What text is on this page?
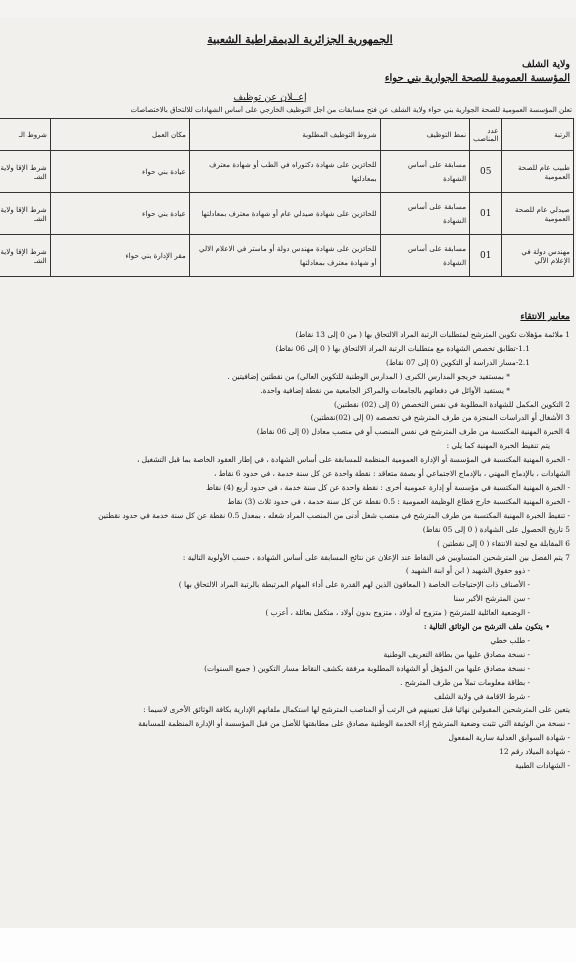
الجمهورية الجزائرية الديمقراطية الشعبية
ولاية الشلف
المؤسسة العمومية للصحة الجوارية بني حواء
إعــلان عن توظيف
تعلن المؤسسة العمومية للصحة الجوارية بني حواء ولاية الشلف عن فتح مسابقات من أجل التوظيف الخارجي على أساس الشهادات للالتحاق بالاختصاصات
الرتبة	عدد المناصب	نمط التوظيف	شروط التوظيف المطلوبة	مكان العمل	شروط الـ
طبيب عام للصحة العمومية	05	مسابقة على أساس الشهادة	للحائزين على شهادة دكتوراه في الطب أو شهادة معترف بمعادلتها	عيادة بني حواء	شرط الإقا ولاية الشـ
صيدلي عام للصحة العمومية	01	مسابقة على أساس الشهادة	للحائزين على شهادة صيدلي عام أو شهادة معترف بمعادلتها	عيادة بني حواء	شرط الإقا ولاية الشـ
مهندس دولة في الإعلام الآلي	01	مسابقة على أساس الشهادة	للحائزين على شهادة مهندس دولة أو ماستر في الاعلام الالي أو شهادة معترف بمعادلتها	مقر الإدارة بني حواء	شرط الإقا ولاية الشـ
معايير الانتقاء
1 ملائمة مؤهلات تكوين المترشح لمتطلبات الرتبة المراد الالتحاق بها ( من 0 إلى 13 نقاط)
1.1-تطابق تخصص الشهادة مع متطلبات الرتبة المراد الالتحاق بها ( 0 إلى 06 نقاط)
2.1-مسار الدراسة أو التكوين (0 إلى 07 نقاط)
* بمستفيد خريجو المدارس الكبرى ( المدارس الوطنية للتكوين العالي) من نقطتين إضافيتين .
* يستفيد الأوائل في دفعاتهم بالجامعات والمراكز الجامعية من نقطة إضافية واحدة.
2 التكوين المكمل للشهادة المطلوبة في نفس التخصص (0 إلى (02) نقطتين)
3 الأشغال أو الدراسات المنجزة من طرف المترشح في تخصصه (0 إلى (02)نقطتين)
4 الخبرة المهنية المكتسبة من طرف المترشح في نفس المنصب أو في منصب معادل (0 إلى 06 نقاط)
يتم تنقيط الخبرة المهنية كما يلي :
- الخبرة المهنية المكتسبة في المؤسسة أو الإدارة العمومية المنظمة للمسابقة على أساس الشهادة ، في إطار العقود الخاصة بما قبل التشغيل ،
الشهادات ، بالإدماج المهني ، بالإدماج الاجتماعي أو بصفة متعاقد : نقطة واحدة عن كل سنة خدمة ، في حدود 6 نقاط ،
- الخبرة المهنية المكتسبة في مؤسسة أو إدارة عمومية أخرى : نقطة واحدة عن كل سنة خدمة ، في حدود أربع (4) نقاط
- الخبرة المهنية المكتسبة خارج قطاع الوظيفة العمومية : 0.5 نقطة عن كل سنة خدمة ، في حدود ثلاث (3) نقاط
- تنقيط الخبرة المهنية المكتسبة من طرف المترشح في منصب شغل أدنى من المنصب المراد شغله ، بمعدل 0.5 نقطة عن كل سنة خدمة في حدود نقطتين
5 تاريخ الحصول على الشهادة ( 0 إلى 05 نقاط)
6 المقابلة مع لجنة الانتقاء ( 0 إلى نقطتين )
7 يتم الفصل بين المترشحين المتساويين في النقاط عند الإعلان عن نتائج المسابقة على أساس الشهادة ، حسب الأولوية التالية :
- ذوو حقوق الشهيد ( ابن أو ابنة الشهيد )
- الأصناف ذات الإحتياجات الخاصة ( المعاقون الذين لهم القدرة على أداء المهام المرتبطة بالرتبة المراد الالتحاق بها )
- سن المترشح الأكبر سنا
- الوضعية العائلية للمترشح ( متزوج له أولاد ، متزوج بدون أولاد ، متكفل بعائلة ، أعزب )
• يتكون ملف الترشح من الوثائق التالية :
- طلب خطي
- نسخة مصادق عليها من بطاقة التعريف الوطنية
- نسخة مصادق عليها من المؤهل أو الشهادة المطلوبة مرفقة بكشف النقاط مسار التكوين ( جميع السنوات)
- بطاقة معلومات تملأ من طرف المترشح .
- شرط الاقامة في ولاية الشلف
يتعين على المترشحين المقبولين نهائيا قبل تعيينهم في الرتب أو المناصب المترشح لها استكمال ملفاتهم الإدارية بكافة الوثائق الأخرى لاسيما :
- نسخة من الوثيقة التي تثبت وضعية المترشح إزاء الخدمة الوطنية مصادق على مطابقتها للأصل من قبل المؤسسة أو الإدارة المنظمة للمسابقة
- شهادة السوابق العدلية سارية المفعول
- شهادة الميلاد رقم 12
- الشهادات الطبية
